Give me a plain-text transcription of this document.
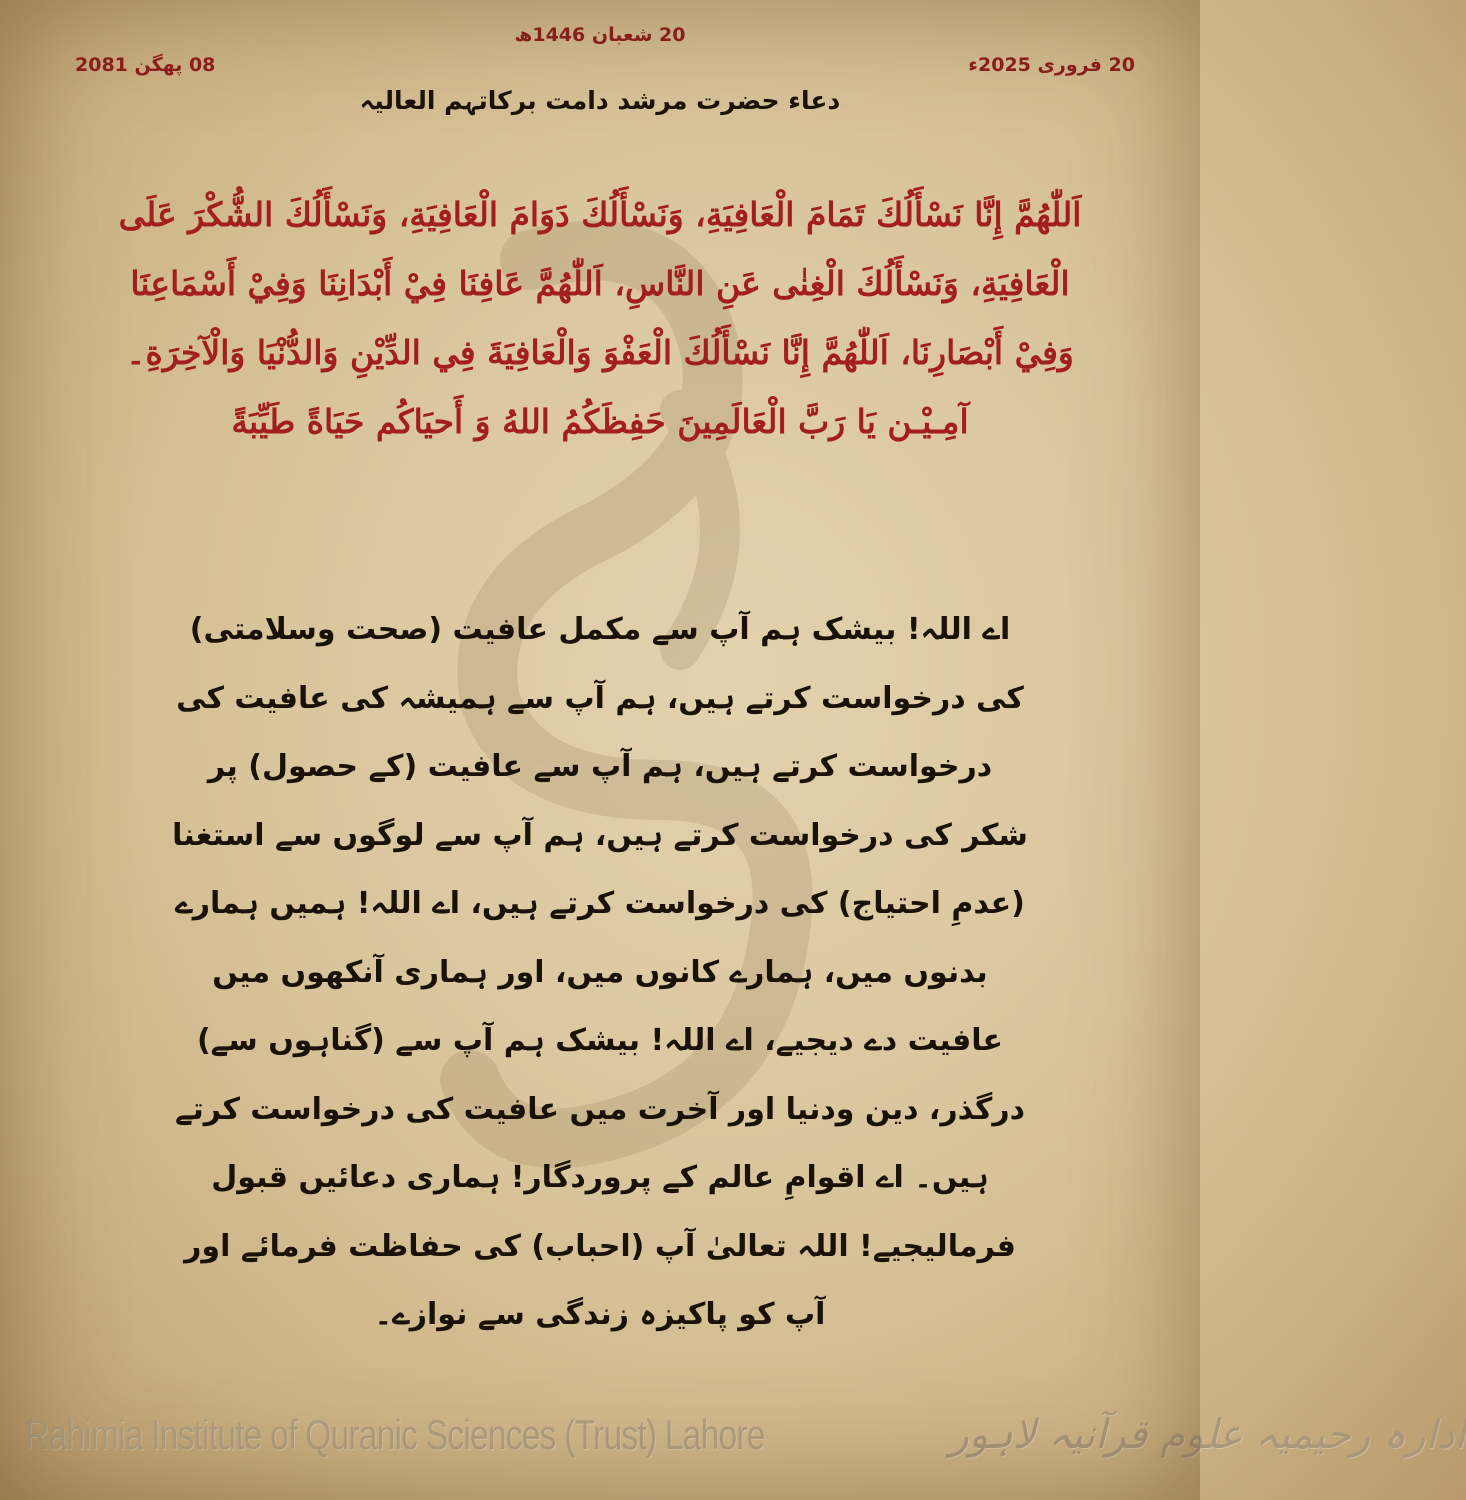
20 شعبان 1446ھ
08 پھگن 2081	20 فروری 2025ء
دعاء حضرت مرشد دامت برکاتہم العالیہ
اَللّٰهُمَّ إِنَّا نَسْأَلُكَ تَمَامَ الْعَافِيَةِ، وَنَسْأَلُكَ دَوَامَ الْعَافِيَةِ، وَنَسْأَلُكَ الشُّكْرَ عَلَى الْعَافِيَةِ، وَنَسْأَلُكَ الْغِنٰى عَنِ النَّاسِ، اَللّٰهُمَّ عَافِنَا فِيْ أَبْدَانِنَا وَفِيْ أَسْمَاعِنَا وَفِيْ أَبْصَارِنَا، اَللّٰهُمَّ إِنَّا نَسْأَلُكَ الْعَفْوَ وَالْعَافِيَةَ فِي الدِّيْنِ وَالدُّنْيَا وَالْآخِرَةِ۔ آمِـيْـن يَا رَبَّ الْعَالَمِينَ حَفِظَكُمُ اللهُ وَ أَحيَاكُم حَيَاةً طَيِّبَةً
اے اللہ! بیشک ہم آپ سے مکمل عافیت (صحت وسلامتی) کی درخواست کرتے ہیں، ہم آپ سے ہمیشہ کی عافیت کی درخواست کرتے ہیں، ہم آپ سے عافیت (کے حصول) پر شکر کی درخواست کرتے ہیں، ہم آپ سے لوگوں سے استغنا (عدمِ احتیاج) کی درخواست کرتے ہیں، اے اللہ! ہمیں ہمارے بدنوں میں، ہمارے کانوں میں، اور ہماری آنکھوں میں عافیت دے دیجیے، اے اللہ! بیشک ہم آپ سے (گناہوں سے) درگذر، دین ودنیا اور آخرت میں عافیت کی درخواست کرتے ہیں۔ اے اقوامِ عالم کے پروردگار! ہماری دعائیں قبول فرمالیجیے! اللہ تعالیٰ آپ (احباب) کی حفاظت فرمائے اور آپ کو پاکیزہ زندگی سے نوازے۔
Rahimia Institute of Quranic Sciences (Trust) Lahore	ادارہ رحیمیہ علوم قرآنیہ لاہور
